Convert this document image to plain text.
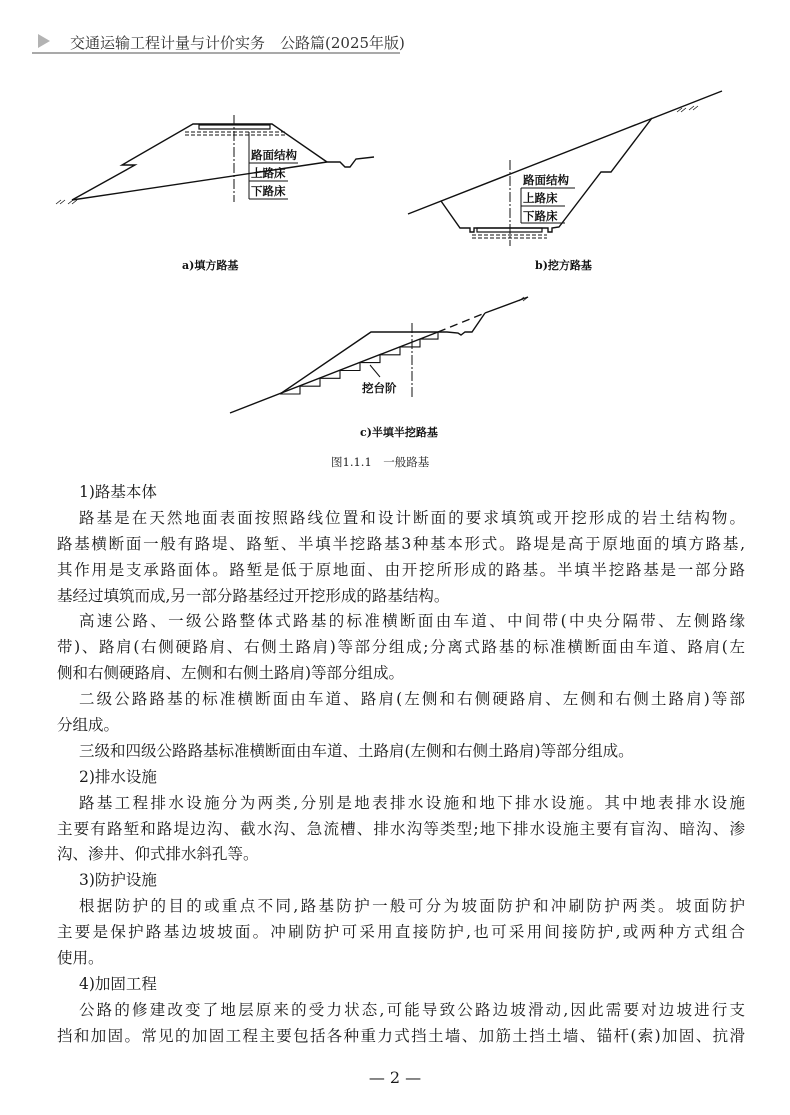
交通运输工程计量与计价实务　公路篇(2025年版)
路面结构
上路床
下路床
a)填方路基
路面结构
上路床
下路床
b)挖方路基
挖台阶
c)半填半挖路基
图1.1.1　一般路基
1)路基本体
路基是在天然地面表面按照路线位置和设计断面的要求填筑或开挖形成的岩土结构物。
路基横断面一般有路堤、路堑、半填半挖路基3种基本形式。路堤是高于原地面的填方路基,
其作用是支承路面体。路堑是低于原地面、由开挖所形成的路基。半填半挖路基是一部分路
基经过填筑而成,另一部分路基经过开挖形成的路基结构。
高速公路、一级公路整体式路基的标准横断面由车道、中间带(中央分隔带、左侧路缘
带)、路肩(右侧硬路肩、右侧土路肩)等部分组成;分离式路基的标准横断面由车道、路肩(左
侧和右侧硬路肩、左侧和右侧土路肩)等部分组成。
二级公路路基的标准横断面由车道、路肩(左侧和右侧硬路肩、左侧和右侧土路肩)等部
分组成。
三级和四级公路路基标准横断面由车道、土路肩(左侧和右侧土路肩)等部分组成。
2)排水设施
路基工程排水设施分为两类,分别是地表排水设施和地下排水设施。其中地表排水设施
主要有路堑和路堤边沟、截水沟、急流槽、排水沟等类型;地下排水设施主要有盲沟、暗沟、渗
沟、渗井、仰式排水斜孔等。
3)防护设施
根据防护的目的或重点不同,路基防护一般可分为坡面防护和冲刷防护两类。坡面防护
主要是保护路基边坡坡面。冲刷防护可采用直接防护,也可采用间接防护,或两种方式组合
使用。
4)加固工程
公路的修建改变了地层原来的受力状态,可能导致公路边坡滑动,因此需要对边坡进行支
挡和加固。常见的加固工程主要包括各种重力式挡土墙、加筋土挡土墙、锚杆(索)加固、抗滑
— 2 —
